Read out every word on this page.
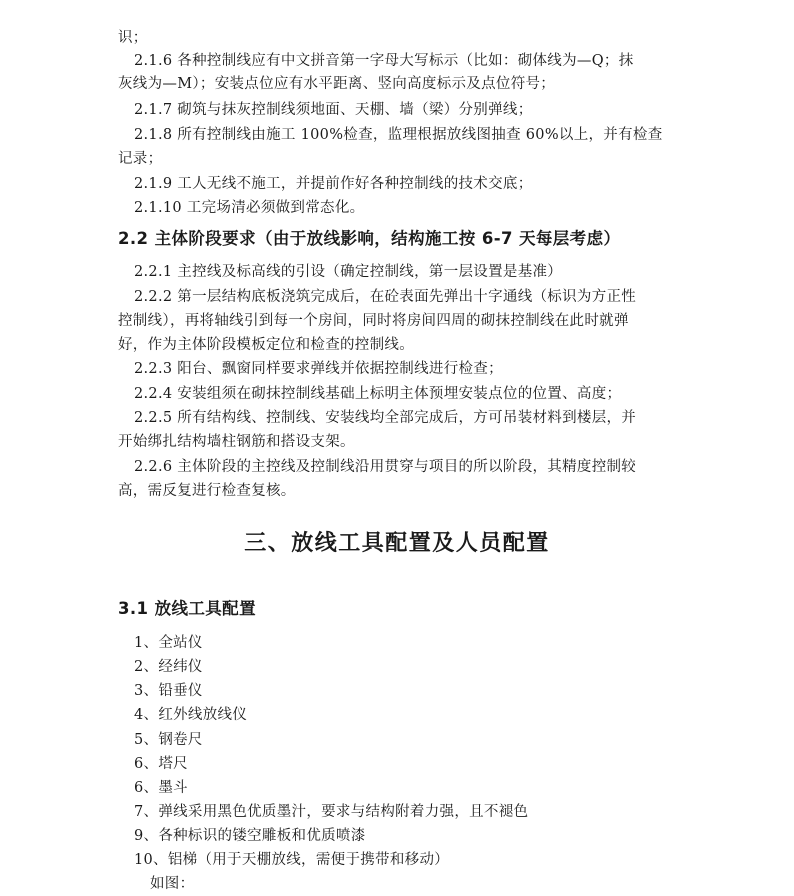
识；
2.1.6 各种控制线应有中文拼音第一字母大写标示（比如：砌体线为—Q；抹
灰线为—M）；安装点位应有水平距离、竖向高度标示及点位符号；
2.1.7 砌筑与抹灰控制线须地面、天棚、墙（梁）分别弹线；
2.1.8 所有控制线由施工 100%检查，监理根据放线图抽查 60%以上，并有检查
记录；
2.1.9 工人无线不施工，并提前作好各种控制线的技术交底；
2.1.10 工完场清必须做到常态化。
2.2 主体阶段要求（由于放线影响，结构施工按 6-7 天每层考虑）
2.2.1 主控线及标高线的引设（确定控制线，第一层设置是基准）
2.2.2 第一层结构底板浇筑完成后，在砼表面先弹出十字通线（标识为方正性
控制线），再将轴线引到每一个房间，同时将房间四周的砌抹控制线在此时就弹
好，作为主体阶段模板定位和检查的控制线。
2.2.3 阳台、飘窗同样要求弹线并依据控制线进行检查；
2.2.4 安装组须在砌抹控制线基础上标明主体预埋安装点位的位置、高度；
2.2.5 所有结构线、控制线、安装线均全部完成后，方可吊装材料到楼层，并
开始绑扎结构墙柱钢筋和搭设支架。
2.2.6 主体阶段的主控线及控制线沿用贯穿与项目的所以阶段，其精度控制较
高，需反复进行检查复核。
三、放线工具配置及人员配置
3.1 放线工具配置
1、全站仪
2、经纬仪
3、铅垂仪
4、红外线放线仪
5、钢卷尺
6、塔尺
6、墨斗
7、弹线采用黑色优质墨汁，要求与结构附着力强，且不褪色
9、各种标识的镂空雕板和优质喷漆
10、铝梯（用于天棚放线，需便于携带和移动）
如图：
